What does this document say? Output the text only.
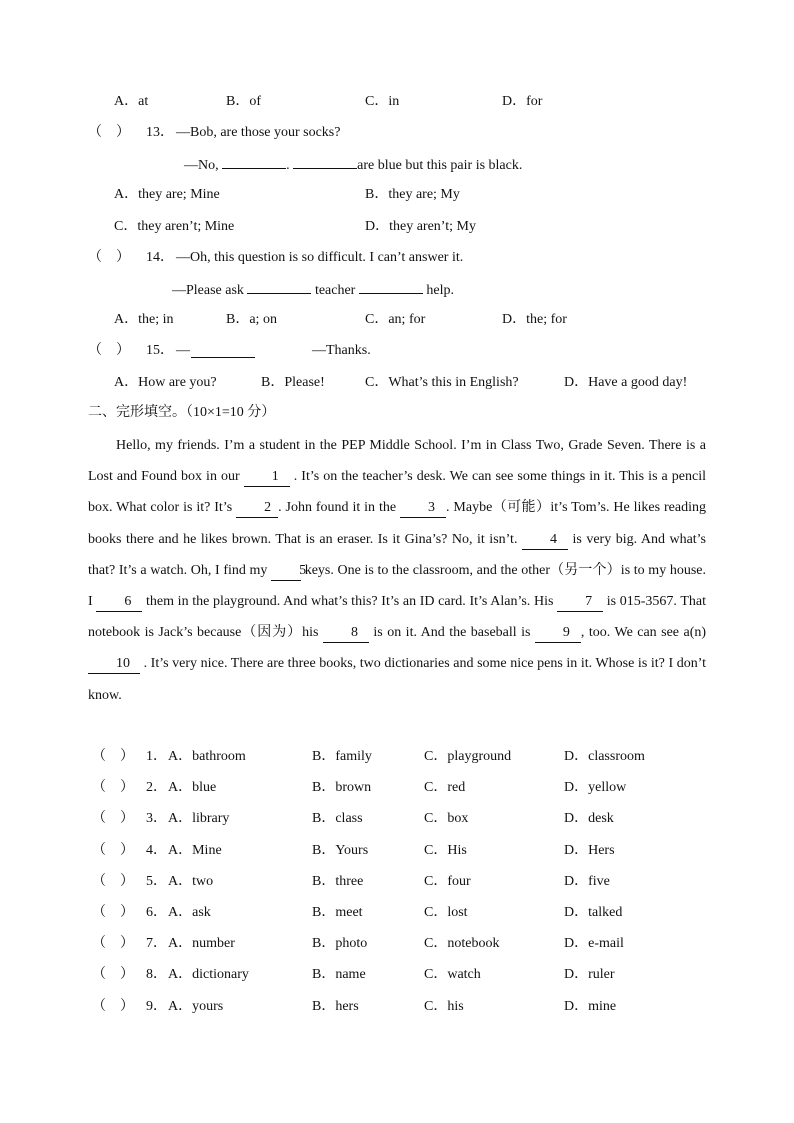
A．at	B．of	C．in	D．for
（　） 13． —Bob, are those your socks?
—No,	.	are blue but this pair is black.
A．they are; Mine	B．they are; My
C．they aren’t; Mine	D．they aren’t; My
（　） 14． —Oh, this question is so difficult. I can’t answer it.
—Please ask	teacher	help.
A．the; in	B．a; on	C．an; for	D．the; for
（　） 15． —	—Thanks.
A．How are you?	B．Please!	C．What’s this in English?	D．Have a good day!
二、完形填空。（10×1=10 分）

Hello, my friends. I’m a student in the PEP Middle School. I’m in Class Two, Grade Seven. There is a Lost and Found box in our 1 . It’s on the teacher’s desk. We can see some things in it. This is a pencil box. What color is it? It’s 2 . John found it in the 3 . Maybe（可能）it’s Tom’s. He likes reading books there and he likes brown. That is an eraser. Is it Gina’s? No, it isn’t. 4 is very big. And what’s that? It’s a watch. Oh, I find my 5 keys. One is to the classroom, and the other（另一个）is to my house. I 6 them in the playground. And what’s this? It’s an ID card. It’s Alan’s. His 7 is 015-3567. That notebook is Jack’s because（因为）his 8 is on it. And the baseball is 9 , too. We can see a(n) 10 . It’s very nice. There are three books, two dictionaries and some nice pens in it. Whose is it? I don’t know.

（　） 1． A．bathroom	B．family	C．playground	D．classroom
（　） 2． A．blue	B．brown	C．red	D．yellow
（　） 3． A．library	B．class	C．box	D．desk
（　） 4． A．Mine	B．Yours	C．His	D．Hers
（　） 5． A．two	B．three	C．four	D．five
（　） 6． A．ask	B．meet	C．lost	D．talked
（　） 7． A．number	B．photo	C．notebook	D．e-mail
（　） 8． A．dictionary	B．name	C．watch	D．ruler
（　） 9． A．yours	B．hers	C．his	D．mine
